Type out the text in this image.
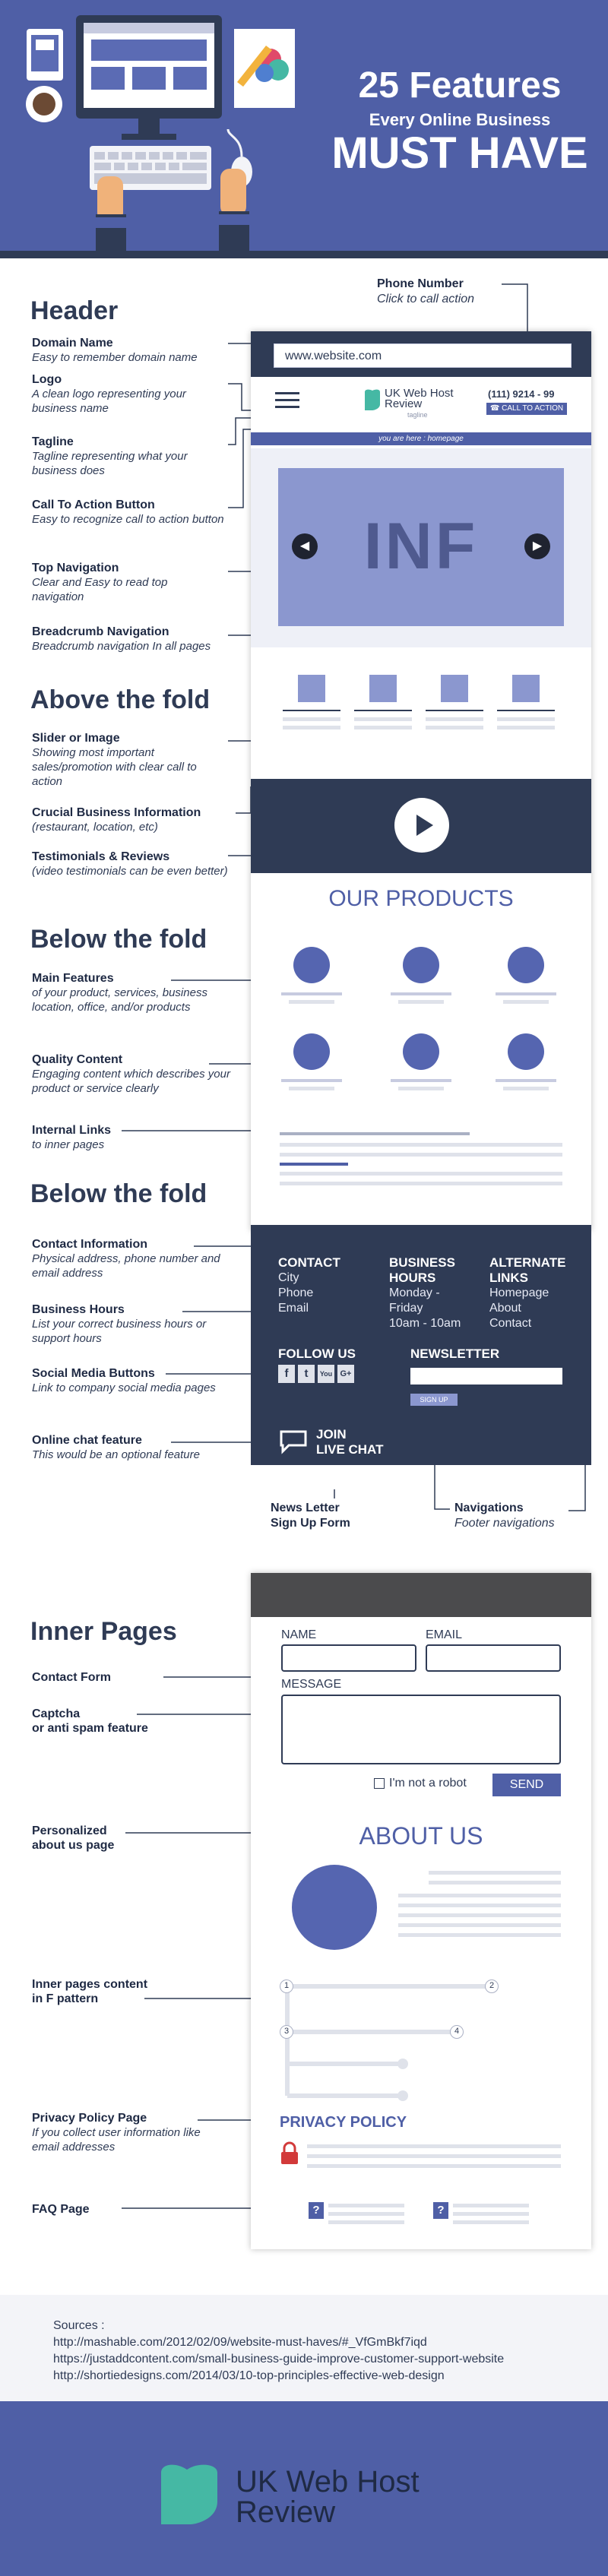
25 Features
Every Online Business
MUST HAVE
Header
Above the fold
Below the fold
Below the fold
Inner Pages
Phone Number
Click to call action
Domain Name
Easy to remember domain name
Logo
A clean logo representing your business name
Tagline
Tagline representing what your business does
Call To Action Button
Easy to recognize call to action button
Top Navigation
Clear and Easy to read top navigation
Breadcrumb Navigation
Breadcrumb navigation In all pages
Slider or Image
Showing most important sales/promotion with clear call to action
Crucial Business Information
(restaurant, location, etc)
Testimonials & Reviews
(video testimonials can be even better)
Main Features
of your product, services, business location, office, and/or products
Quality Content
Engaging content which describes your product or service clearly
Internal Links
to inner pages
Contact Information
Physical address, phone number and email address
Business Hours
List your correct business hours or support hours
Social Media Buttons
Link to company social media pages
Online chat feature
This would be an optional feature
News Letter
Sign Up Form
Navigations
Footer navigations
Contact Form
Captcha
or anti spam feature
Personalized
about us page
Inner pages content
in F pattern
Privacy Policy Page
If you collect user information like email addresses
FAQ Page
www.website.com
UK Web Host
Review
tagline
(111) 9214 - 99
☎ CALL TO ACTION
you are here : homepage
INF
◀	▶
OUR PRODUCTS
CONTACT
City
Phone
Email
BUSINESS
HOURS
Monday -
Friday
10am - 10am
ALTERNATE
LINKS
Homepage
About
Contact
FOLLOW US
f	t	You G+
NEWSLETTER
SIGN UP
JOIN
LIVE CHAT
NAME	EMAIL
MESSAGE
I'm not a robot	SEND
ABOUT US
1	2
3	4
PRIVACY POLICY
?	?
Sources :
http://mashable.com/2012/02/09/website-must-haves/#_VfGmBkf7iqd
https://justaddcontent.com/small-business-guide-improve-customer-support-website
http://shortiedesigns.com/2014/03/10-top-principles-effective-web-design
UK Web Host
Review
